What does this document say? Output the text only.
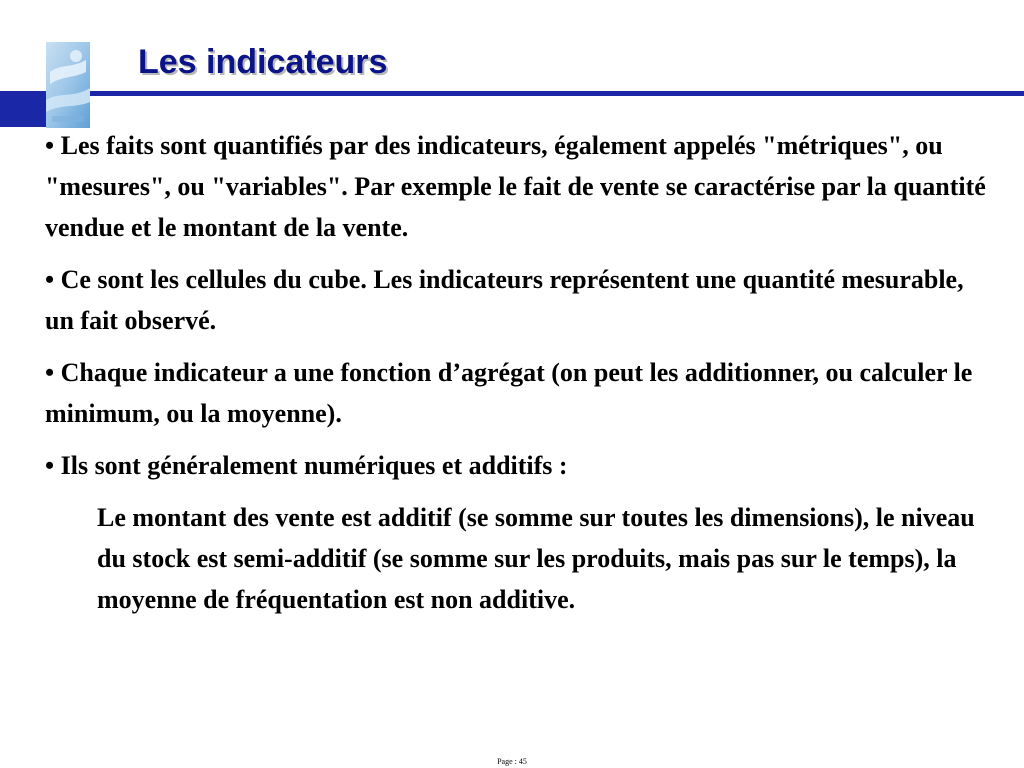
Les indicateurs

• Les faits sont quantifiés par des indicateurs, également appelés "métriques", ou "mesures", ou "variables". Par exemple le fait de vente se caractérise par la quantité vendue et le montant de la vente.

• Ce sont les cellules du cube. Les indicateurs représentent une quantité mesurable, un fait observé.

• Chaque indicateur a une fonction d’agrégat (on peut les additionner, ou calculer le minimum, ou la moyenne).

• Ils sont généralement numériques et additifs :

Le montant des vente est additif (se somme sur toutes les dimensions), le niveau du stock est semi-additif (se somme sur les produits, mais pas sur le temps), la moyenne de fréquentation est non additive.

Page : 45
